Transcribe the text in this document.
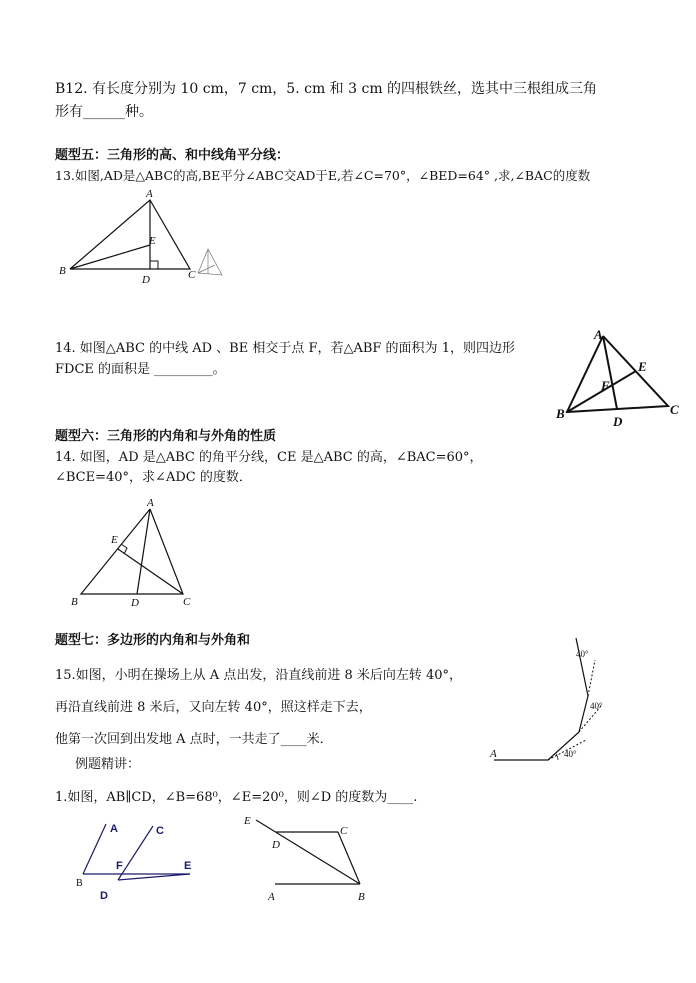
B12. 有长度分别为 10 cm，7 cm，5. cm 和 3 cm 的四根铁丝，选其中三根组成三角
形有______种。
题型五：三角形的高、和中线角平分线：
13.如图,AD是△ABC的高,BE平分∠ABC交AD于E,若∠C=70°，∠BED=64° ,求,∠BAC的度数
A
B	C
D
E
14. 如图△ABC 的中线 AD 、BE 相交于点 F，若△ABF 的面积为 1，则四边形
FDCE 的面积是 _________。
A
B	C
D
E
F
题型六：三角形的内角和与外角的性质
14. 如图，AD 是△ABC 的角平分线，CE 是△ABC 的高，∠BAC=60°，
∠BCE=40°，求∠ADC 的度数．
A
B	C
D
E
题型七：多边形的内角和与外角和
15.如图，小明在操场上从 A 点出发，沿直线前进 8 米后向左转 40°，
再沿直线前进 8 米后，又向左转 40°，照这样走下去，
他第一次回到出发地 A 点时，一共走了____米．
例题精讲：
A	40°
40°
40°
1.如图，AB∥CD，∠B=68⁰，∠E=20⁰，则∠D 的度数为____.
A
B
C
D
E
F
E
C
D
A	B
